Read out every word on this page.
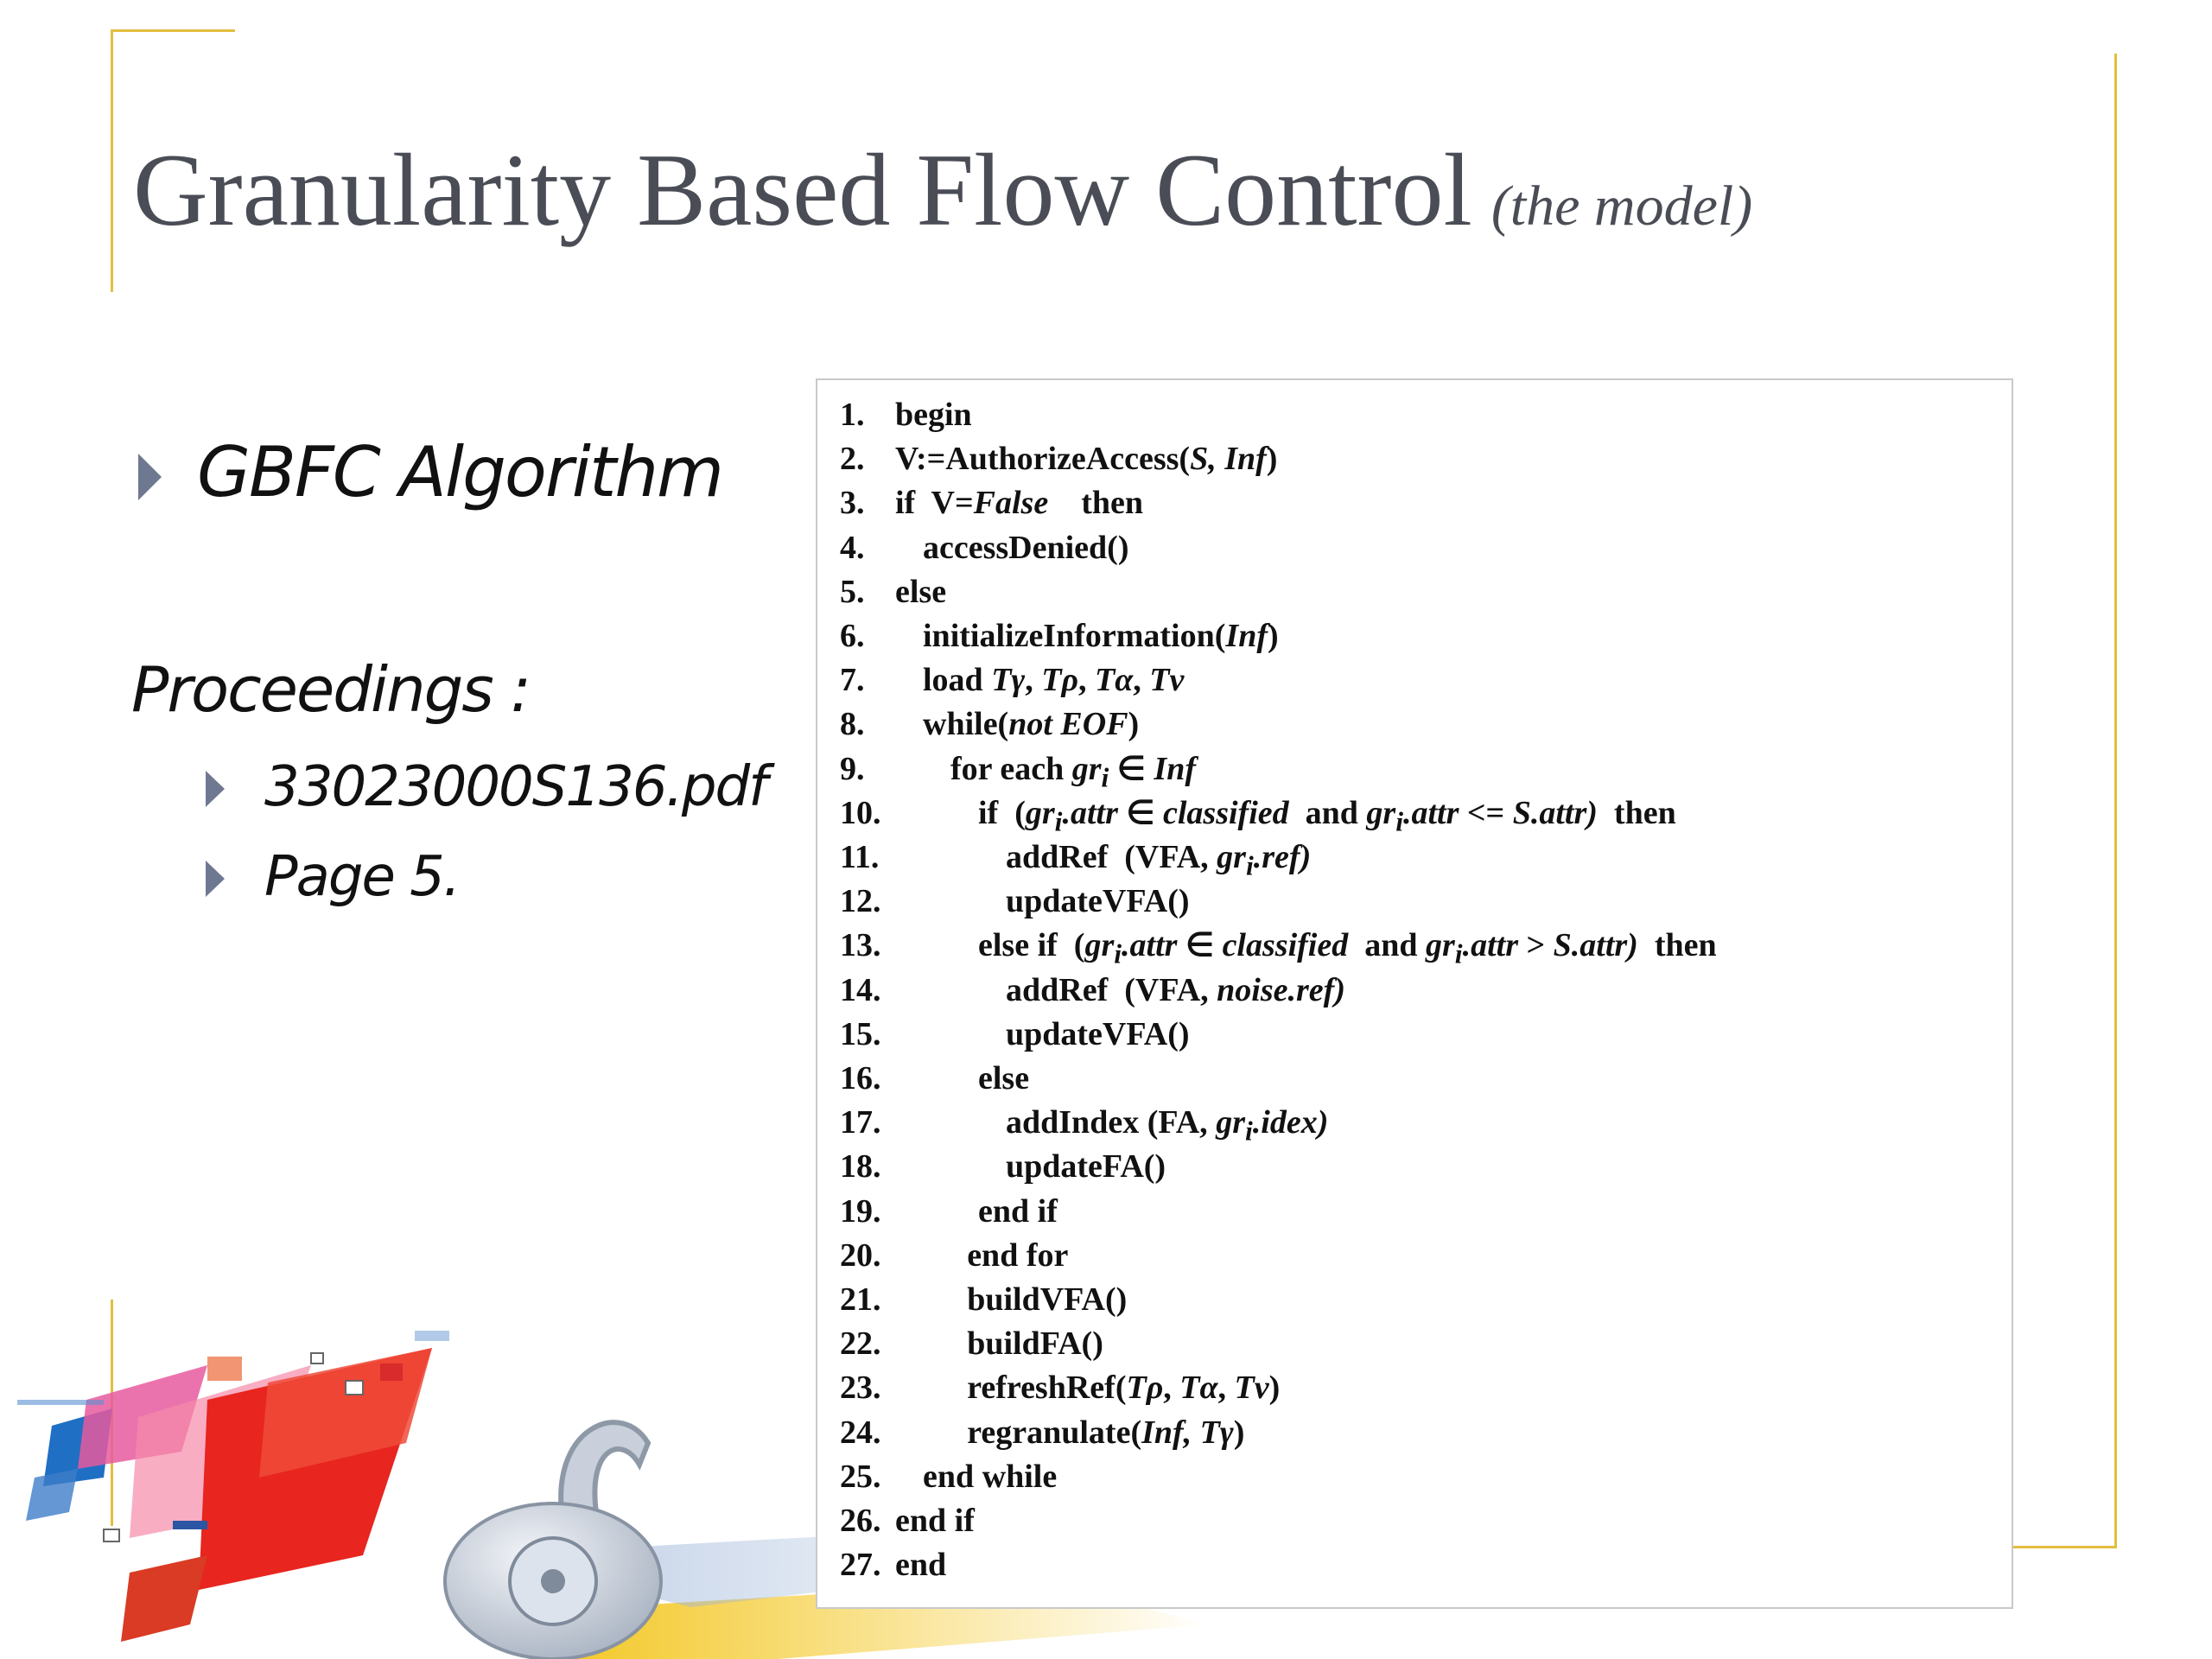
Granularity Based Flow Control (the model)
GBFC Algorithm
Proceedings :
33023000S136.pdf
Page 5.
1. begin
2. V:=AuthorizeAccess(S, Inf)
3. if  V=False    then
4. accessDenied()
5. else
6. initializeInformation(Inf)
7. load Tγ, Tρ, Tα, Tν
8. while(not EOF)
9.	for each $gr_i$ ∈ Inf
10.	if  ($gr_i.attr$ ∈ classified  and $gr_i.attr$ <= S.attr)  then
11.	addRef  (VFA, $gr_i.ref$)
12.	updateVFA()
13.	else if  ($gr_i.attr$ ∈ classified  and $gr_i.attr$ > S.attr)  then
14.	addRef  (VFA, noise.ref)
15.	updateVFA()
16.	else
17.	addIndex (FA, $gr_i.idex$)
18.	updateFA()
19.	end if
20.	end for
21.	buildVFA()
22.	buildFA()
23.	refreshRef(Tρ, Tα, Tν)
24.	regranulate(Inf, Tγ)
25. end while
26. end if
27. end
